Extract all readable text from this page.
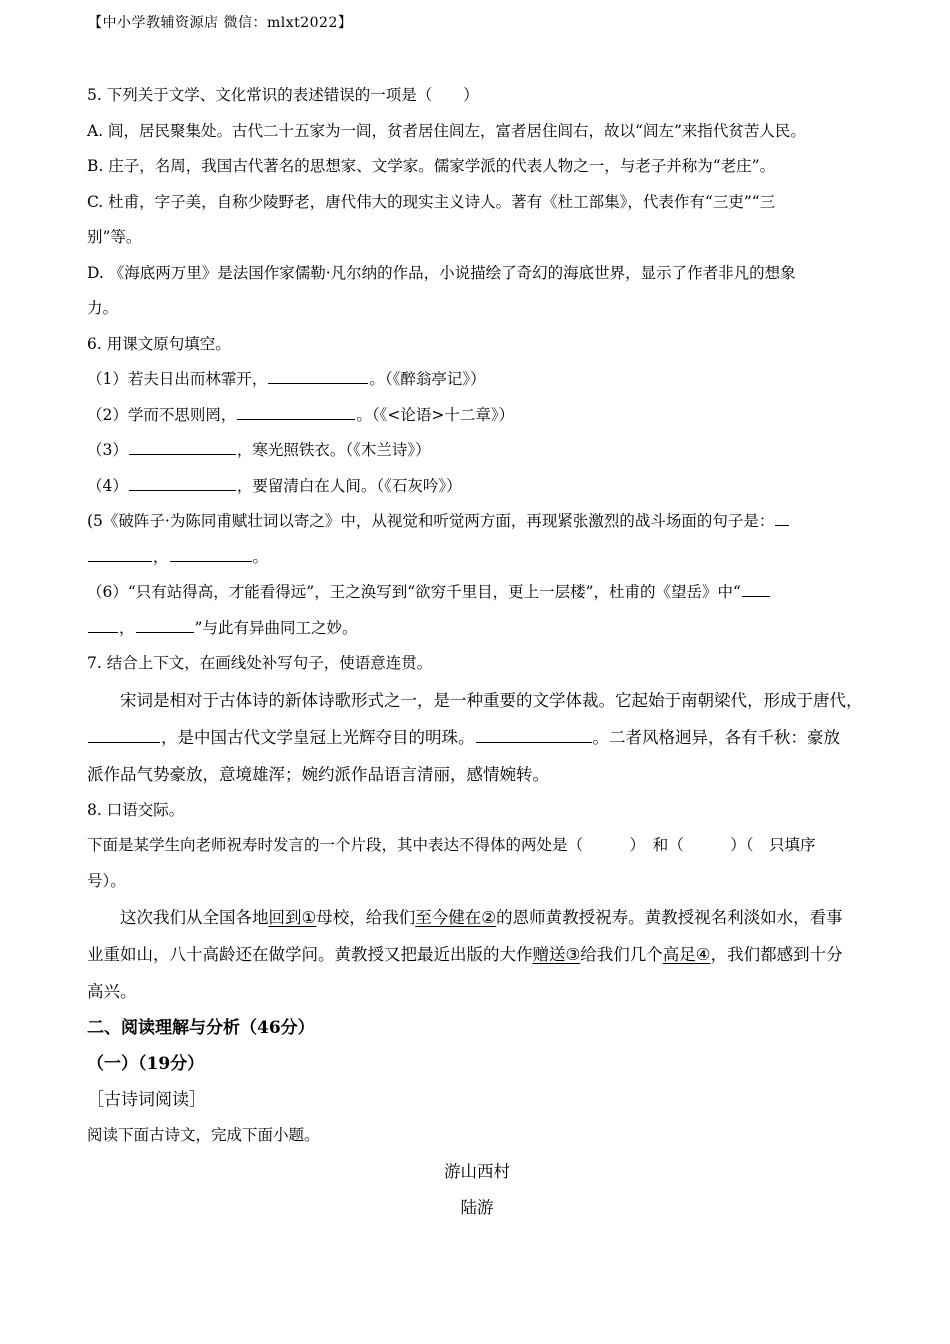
【中小学教辅资源店 微信：mlxt2022】

5. 下列关于文学、文化常识的表述错误的一项是（　　）

A. 闾，居民聚集处。古代二十五家为一闾，贫者居住闾左，富者居住闾右，故以“闾左”来指代贫苦人民。

B. 庄子，名周，我国古代著名的思想家、文学家。儒家学派的代表人物之一，与老子并称为“老庄”。

C. 杜甫，字子美，自称少陵野老，唐代伟大的现实主义诗人。著有《杜工部集》，代表作有“三吏”“三

别”等。

D. 《海底两万里》是法国作家儒勒·凡尔纳的作品，小说描绘了奇幻的海底世界，显示了作者非凡的想象

力。

6. 用课文原句填空。

（1）若夫日出而林霏开，	。（《醉翁亭记》）

（2）学而不思则罔，	。（《<论语>十二章》）

（3）	，寒光照铁衣。（《木兰诗》）

（4）	，要留清白在人间。（《石灰吟》）

(5《破阵子·为陈同甫赋壮词以寄之》中，从视觉和听觉两方面，再现紧张激烈的战斗场面的句子是：

，	。

（6）“只有站得高，才能看得远”，王之涣写到“欲穷千里目，更上一层楼”，杜甫的《望岳》中“

，	”与此有异曲同工之妙。

7. 结合上下文，在画线处补写句子，使语意连贯。

宋词是相对于古体诗的新体诗歌形式之一，是一种重要的文学体裁。它起始于南朝梁代，形成于唐代，

，是中国古代文学皇冠上光辉夺目的明珠。	。二者风格迥异，各有千秋：豪放

派作品气势豪放，意境雄浑；婉约派作品语言清丽，感情婉转。

8. 口语交际。

下面是某学生向老师祝寿时发言的一个片段，其中表达不得体的两处是（　　　）　和（　　　）（　只填序

号）。

这次我们从全国各地回到①母校，给我们至今健在②的恩师黄教授祝寿。黄教授视名利淡如水，看事

业重如山，八十高龄还在做学问。黄教授又把最近出版的大作赠送③给我们几个高足④，我们都感到十分

高兴。

二、阅读理解与分析（46分）

（一）（19分）

［古诗词阅读］

阅读下面古诗文，完成下面小题。

游山西村

陆游
